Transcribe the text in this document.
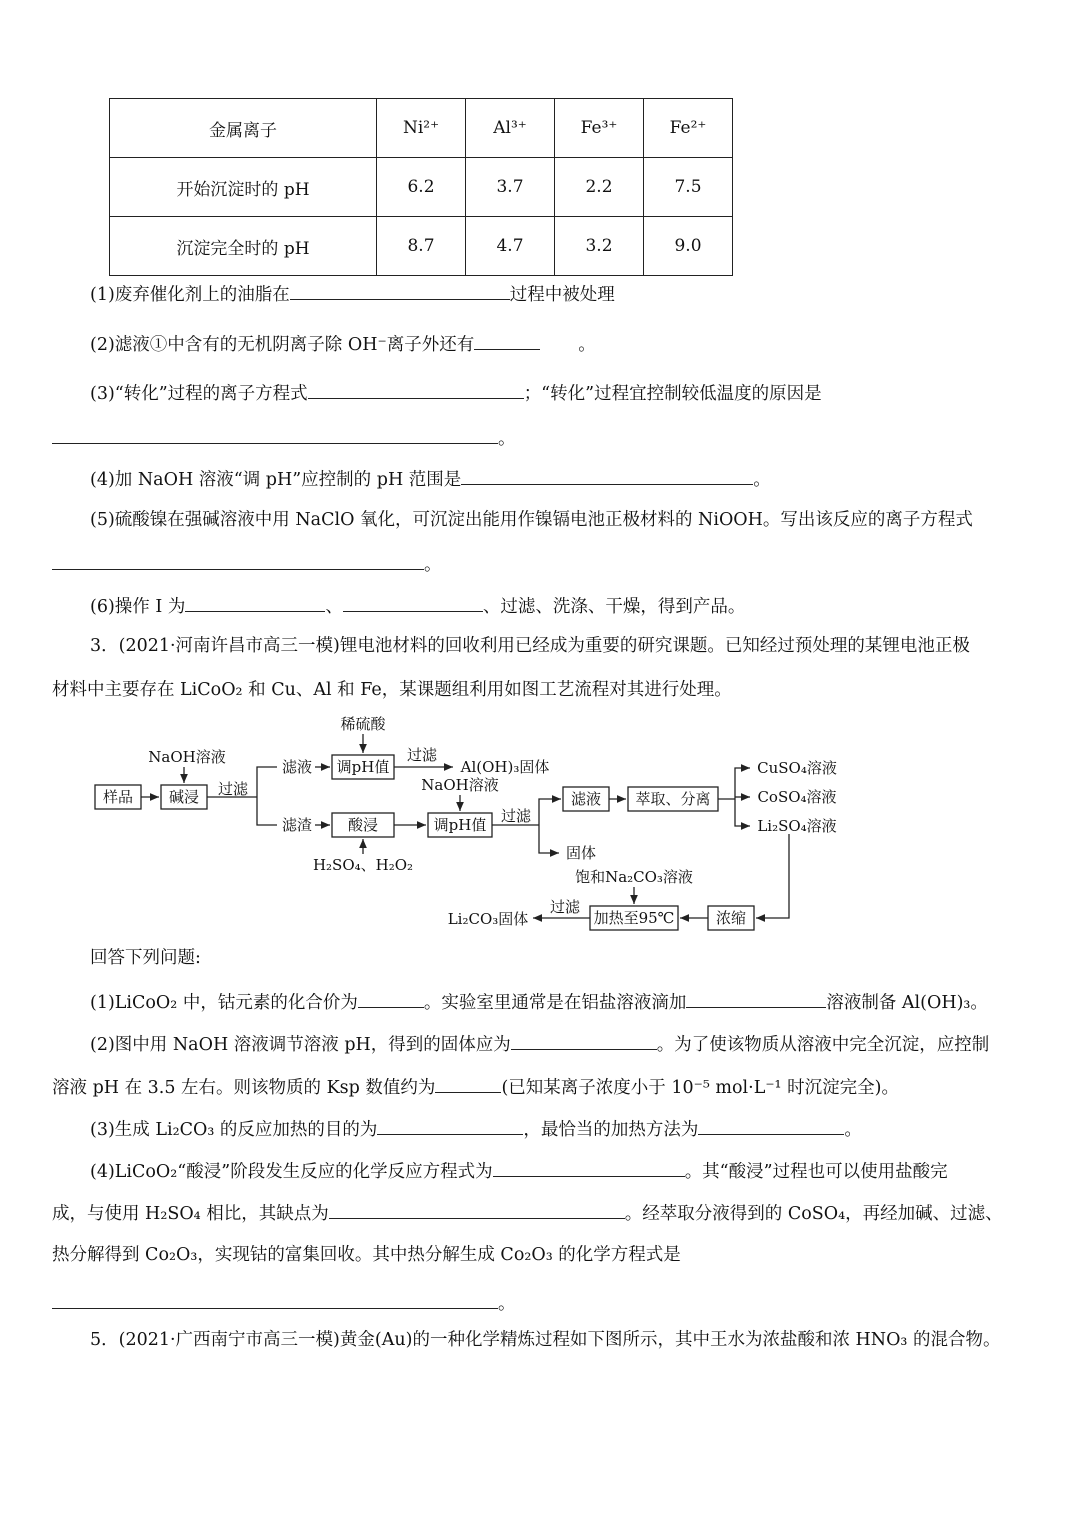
金属离子	Ni²⁺	Al³⁺	Fe³⁺	Fe²⁺
开始沉淀时的 pH	6.2	3.7	2.2	7.5
沉淀完全时的 pH	8.7	4.7	3.2	9.0
(1)废弃催化剂上的油脂在	过程中被处理
(2)滤液①中含有的无机阴离子除 OH⁻离子外还有	。
(3)“转化”过程的离子方程式	；“转化”过程宜控制较低温度的原因是
。
(4)加 NaOH 溶液“调 pH”应控制的 pH 范围是	。
(5)硫酸镍在强碱溶液中用 NaClO 氧化，可沉淀出能用作镍镉电池正极材料的 NiOOH。写出该反应的离子方程式
。
(6)操作 I 为	、	、过滤、洗涤、干燥，得到产品。
3．(2021·河南许昌市高三一模)锂电池材料的回收利用已经成为重要的研究课题。已知经过预处理的某锂电池正极
材料中主要存在 LiCoO₂ 和 Cu、Al 和 Fe，某课题组利用如图工艺流程对其进行处理。
样品 碱浸
调pH值
酸浸	调pH值
滤液 萃取、分离
加热至95℃	浓缩
NaOH溶液
过滤
稀硫酸
过滤
滤液
滤渣
Al(OH)₃固体
H₂SO₄、H₂O₂
NaOH溶液
过滤
固体
CuSO₄溶液
CoSO₄溶液
Li₂SO₄溶液
饱和Na₂CO₃溶液
过滤
Li₂CO₃固体
回答下列问题:
(1)LiCoO₂ 中，钴元素的化合价为	。实验室里通常是在铝盐溶液滴加	溶液制备 Al(OH)₃。
(2)图中用 NaOH 溶液调节溶液 pH，得到的固体应为	。为了使该物质从溶液中完全沉淀，应控制
溶液 pH 在 3.5 左右。则该物质的 Ksp 数值约为	(已知某离子浓度小于 10⁻⁵ mol·L⁻¹ 时沉淀完全)。
(3)生成 Li₂CO₃ 的反应加热的目的为	，最恰当的加热方法为	。
(4)LiCoO₂“酸浸”阶段发生反应的化学反应方程式为	。其“酸浸”过程也可以使用盐酸完
成，与使用 H₂SO₄ 相比，其缺点为	。经萃取分液得到的 CoSO₄，再经加碱、过滤、
热分解得到 Co₂O₃，实现钴的富集回收。其中热分解生成 Co₂O₃ 的化学方程式是
。
5．(2021·广西南宁市高三一模)黄金(Au)的一种化学精炼过程如下图所示，其中王水为浓盐酸和浓 HNO₃ 的混合物。
